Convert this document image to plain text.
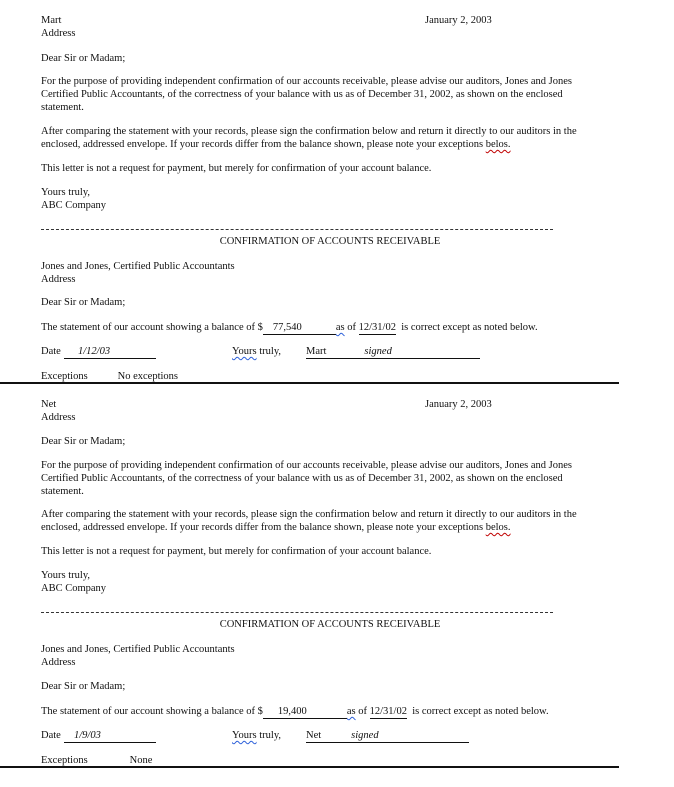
Mart
Address
January 2, 2003
Dear Sir or Madam;
For the purpose of providing independent confirmation of our accounts receivable, please advise our auditors, Jones and Jones Certified Public Accountants, of the correctness of your balance with us as of December 31, 2002, as shown on the enclosed statement.
After comparing the statement with your records, please sign the confirmation below and return it directly to our auditors in the enclosed, addressed envelope. If your records differ from the balance shown, please note your exceptions belos.
This letter is not a request for payment, but merely for confirmation of your account balance.
Yours truly,
ABC Company
CONFIRMATION OF ACCOUNTS RECEIVABLE
Jones and Jones, Certified Public Accountants
Address
Dear Sir or Madam;
The statement of our account showing a balance of $ 77,540	as of 12/31/02 is correct except as noted below.
Date	1/12/03	Yours truly, Mart	signed
Exceptions	No exceptions
Net
Address
January 2, 2003
Dear Sir or Madam;
For the purpose of providing independent confirmation of our accounts receivable, please advise our auditors, Jones and Jones Certified Public Accountants, of the correctness of your balance with us as of December 31, 2002, as shown on the enclosed statement.
After comparing the statement with your records, please sign the confirmation below and return it directly to our auditors in the enclosed, addressed envelope. If your records differ from the balance shown, please note your exceptions belos.
This letter is not a request for payment, but merely for confirmation of your account balance.
Yours truly,
ABC Company
CONFIRMATION OF ACCOUNTS RECEIVABLE
Jones and Jones, Certified Public Accountants
Address
Dear Sir or Madam;
The statement of our account showing a balance of $ 19,400	as of 12/31/02 is correct except as noted below.
Date	1/9/03	Yours truly, Net	signed
Exceptions	None
